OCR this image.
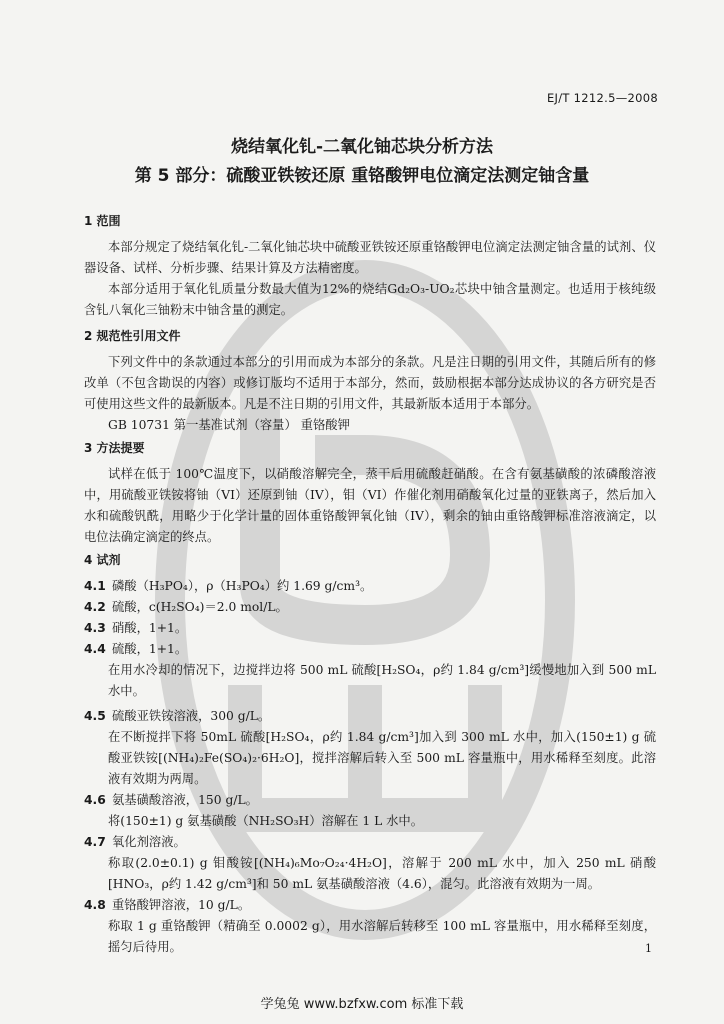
EJ/T 1212.5—2008
烧结氧化钆-二氧化铀芯块分析方法
第 5 部分：硫酸亚铁铵还原 重铬酸钾电位滴定法测定铀含量
1 范围

本部分规定了烧结氧化钆-二氧化铀芯块中硫酸亚铁铵还原重铬酸钾电位滴定法测定铀含量的试剂、仪器设备、试样、分析步骤、结果计算及方法精密度。

本部分适用于氧化钆质量分数最大值为12%的烧结Gd₂O₃-UO₂芯块中铀含量测定。也适用于核纯级含钆八氧化三铀粉末中铀含量的测定。

2 规范性引用文件

下列文件中的条款通过本部分的引用而成为本部分的条款。凡是注日期的引用文件，其随后所有的修改单（不包含勘误的内容）或修订版均不适用于本部分，然而，鼓励根据本部分达成协议的各方研究是否可使用这些文件的最新版本。凡是不注日期的引用文件，其最新版本适用于本部分。

GB 10731 第一基准试剂（容量） 重铬酸钾

3 方法提要

试样在低于 100℃温度下，以硝酸溶解完全，蒸干后用硫酸赶硝酸。在含有氨基磺酸的浓磷酸溶液中，用硫酸亚铁铵将铀（VI）还原到铀（IV），钼（VI）作催化剂用硝酸氧化过量的亚铁离子，然后加入水和硫酸钒酰，用略少于化学计量的固体重铬酸钾氧化铀（IV），剩余的铀由重铬酸钾标准溶液滴定，以电位法确定滴定的终点。

4 试剂

4.1 磷酸（H₃PO₄），ρ（H₃PO₄）约 1.69 g/cm³。

4.2 硫酸，c(H₂SO₄)＝2.0 mol/L。

4.3 硝酸，1+1。

4.4 硫酸，1+1。

在用水冷却的情况下，边搅拌边将 500 mL 硫酸[H₂SO₄，ρ约 1.84 g/cm³]缓慢地加入到 500 mL 水中。

4.5 硫酸亚铁铵溶液，300 g/L。

在不断搅拌下将 50mL 硫酸[H₂SO₄，ρ约 1.84 g/cm³]加入到 300 mL 水中，加入(150±1) g 硫酸亚铁铵[(NH₄)₂Fe(SO₄)₂·6H₂O]，搅拌溶解后转入至 500 mL 容量瓶中，用水稀释至刻度。此溶液有效期为两周。

4.6 氨基磺酸溶液，150 g/L。

将(150±1) g 氨基磺酸（NH₂SO₃H）溶解在 1 L 水中。

4.7 氧化剂溶液。

称取(2.0±0.1) g 钼酸铵[(NH₄)₆Mo₇O₂₄·4H₂O]，溶解于 200 mL 水中，加入 250 mL 硝酸[HNO₃，ρ约 1.42 g/cm³]和 50 mL 氨基磺酸溶液（4.6），混匀。此溶液有效期为一周。

4.8 重铬酸钾溶液，10 g/L。

称取 1 g 重铬酸钾（精确至 0.0002 g），用水溶解后转移至 100 mL 容量瓶中，用水稀释至刻度，摇匀后待用。	1
学兔兔 www.bzfxw.com 标准下载
